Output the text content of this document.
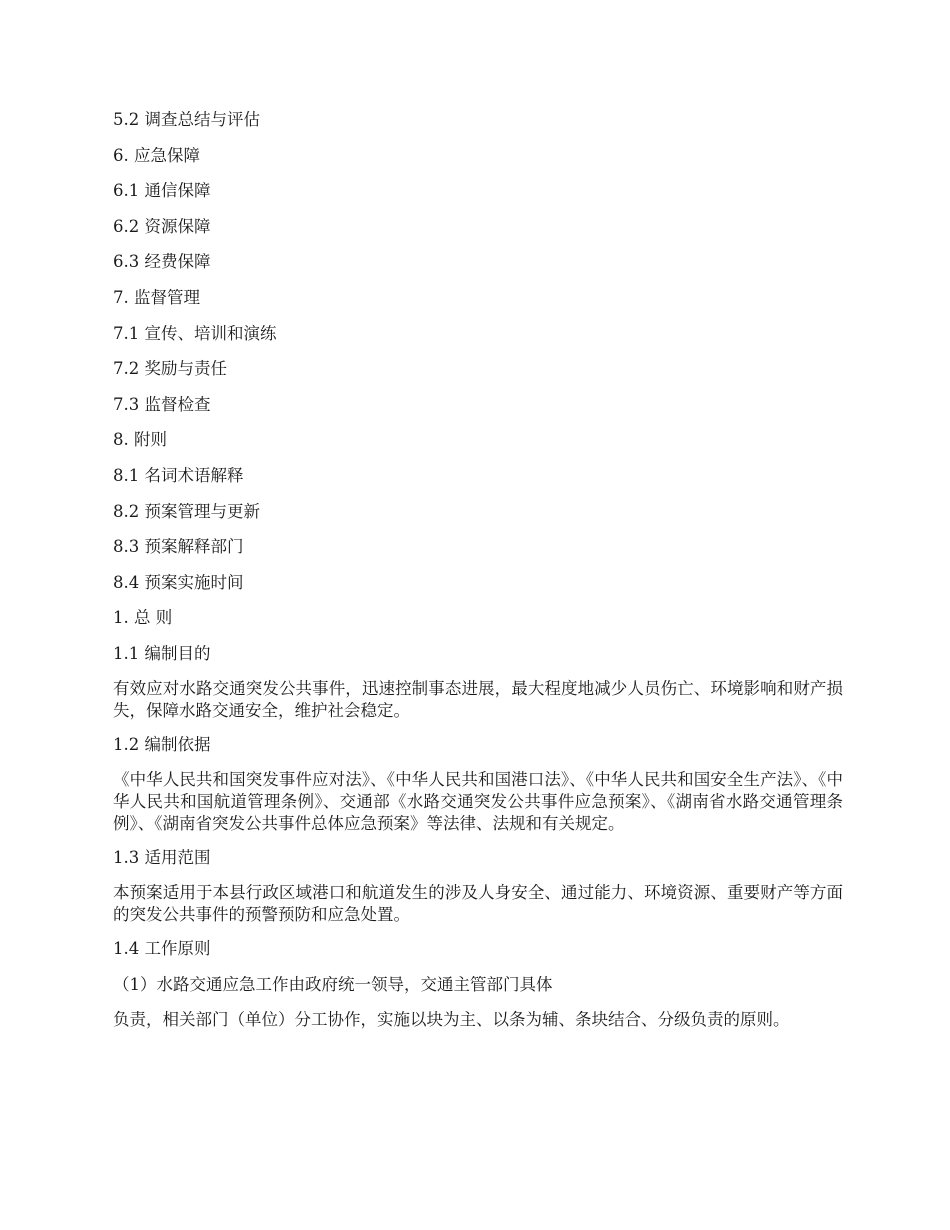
5.2 调查总结与评估
6. 应急保障
6.1 通信保障
6.2 资源保障
6.3 经费保障
7. 监督管理
7.1 宣传、培训和演练
7.2 奖励与责任
7.3 监督检查
8. 附则
8.1 名词术语解释
8.2 预案管理与更新
8.3 预案解释部门
8.4 预案实施时间
1. 总 则
1.1 编制目的
有效应对水路交通突发公共事件，迅速控制事态进展，最大程度地减少人员伤亡、环境影响和财产损失，保障水路交通安全，维护社会稳定。
1.2 编制依据
《中华人民共和国突发事件应对法》、《中华人民共和国港口法》、《中华人民共和国安全生产法》、《中华人民共和国航道管理条例》、交通部《水路交通突发公共事件应急预案》、《湖南省水路交通管理条例》、《湖南省突发公共事件总体应急预案》等法律、法规和有关规定。
1.3 适用范围
本预案适用于本县行政区域港口和航道发生的涉及人身安全、通过能力、环境资源、重要财产等方面的突发公共事件的预警预防和应急处置。
1.4 工作原则
（1）水路交通应急工作由政府统一领导，交通主管部门具体
负责，相关部门（单位）分工协作，实施以块为主、以条为辅、条块结合、分级负责的原则。
